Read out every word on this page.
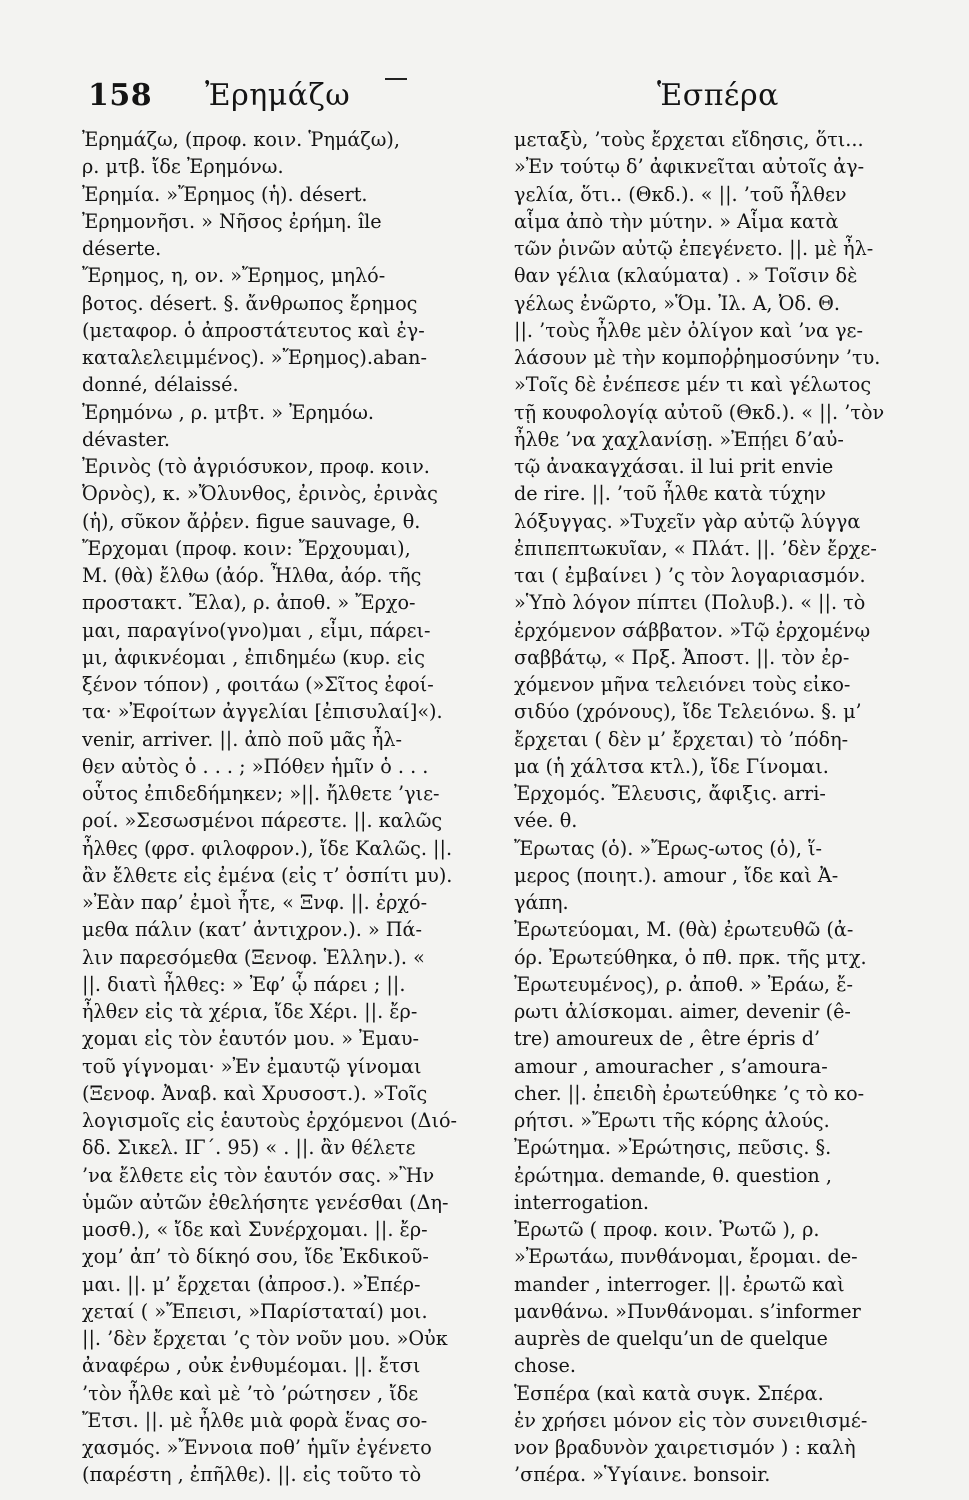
158 Ἐρημάζω	Ἑσπέρα
Ἐρημάζω, (προφ. κοιν. Ῥημάζω),
ρ. μτβ. ἴδε Ἐρημόνω.
Ἐρημία. »Ἔρημος (ἡ). désert.
Ἐρημονῆσι. » Νῆσος ἐρήμη. île
déserte.
Ἔρημος, η, ον. »Ἔρημος, μηλό-
βοτος. désert. §. ἄνθρωπος ἔρημος
(μεταφορ. ὁ ἀπροστάτευτος καὶ ἐγ-
καταλελειμμένος). »Ἔρημος).aban-
donné, délaissé.
Ἐρημόνω , ρ. μτβτ. » Ἐρημόω.
dévaster.
Ἐρινὸς (τὸ ἀγριόσυκον, προφ. κοιν.
Ὀρνὸς), κ. »Ὄλυνθος, ἐρινὸς, ἐρινὰς
(ἡ), σῦκον ἄῤῥεν. figue sauvage, θ.
Ἔρχομαι (προφ. κοιν: Ἔρχουμαι),
Μ. (θὰ) ἔλθω (ἀόρ. Ἦλθα, ἀόρ. τῆς
προστακτ. Ἔλα), ρ. ἀποθ. » Ἔρχο-
μαι, παραγίνο(γνο)μαι , εἶμι, πάρει-
μι, ἀφικνέομαι , ἐπιδημέω (κυρ. εἰς
ξένον τόπον) , φοιτάω (»Σῖτος ἐφοί-
τα· »Ἐφοίτων ἀγγελίαι [ἐπισυλαί]«).
venir, arriver. ||. ἀπὸ ποῦ μᾶς ἦλ-
θεν αὐτὸς ὁ . . . ; »Πόθεν ἡμῖν ὁ . . .
οὗτος ἐπιδεδήμηκεν; »||. ἤλθετε ’γιε-
ροί. »Σεσωσμένοι πάρεστε. ||. καλῶς
ἦλθες (φρσ. φιλοφρον.), ἴδε Καλῶς. ||.
ἂν ἔλθετε εἰς ἐμένα (εἰς τ’ ὁσπίτι μυ).
»Ἐὰν παρ’ ἐμοὶ ἦτε, « Ξνφ. ||. ἐρχό-
μεθα πάλιν (κατ’ ἀντιχρον.). » Πά-
λιν παρεσόμεθα (Ξενοφ. Ἑλλην.). «
||. διατὶ ἦλθες: » Ἐφ’ ᾧ πάρει ; ||.
ἦλθεν εἰς τὰ χέρια, ἴδε Χέρι. ||. ἔρ-
χομαι εἰς τὸν ἑαυτόν μου. » Ἐμαυ-
τοῦ γίγνομαι· »Ἐν ἐμαυτῷ γίνομαι
(Ξενοφ. Ἀναβ. καὶ Χρυσοστ.). »Τοῖς
λογισμοῖς εἰς ἑαυτοὺς ἐρχόμενοι (Διό-
δδ. Σικελ. ΙΓ΄. 95) « . ||. ἂν θέλετε
’να ἔλθετε εἰς τὸν ἑαυτόν σας. »Ἢν
ὑμῶν αὐτῶν ἐθελήσητε γενέσθαι (Δη-
μοσθ.), « ἴδε καὶ Συνέρχομαι. ||. ἔρ-
χομ’ ἀπ’ τὸ δίκηό σου, ἴδε Ἐκδικοῦ-
μαι. ||. μ’ ἔρχεται (ἀπροσ.). »Ἐπέρ-
χεταί ( »Ἔπεισι, »Παρίσταταί) μοι.
||. ’δὲν ἔρχεται ’ς τὸν νοῦν μου. »Οὐκ
ἀναφέρω , οὐκ ἐνθυμέομαι. ||. ἔτσι
’τὸν ἦλθε καὶ μὲ ’τὸ ’ρώτησεν , ἴδε
Ἔτσι. ||. μὲ ἦλθε μιὰ φορὰ ἕνας σο-
χασμός. »Ἔννοια ποθ’ ἡμῖν ἐγένετο
(παρέστη , ἐπῆλθε). ||. εἰς τοῦτο τὸ
μεταξὺ, ’τοὺς ἔρχεται εἴδησις, ὅτι...
»Ἐν τούτῳ δ’ ἀφικνεῖται αὐτοῖς ἀγ-
γελία, ὅτι.. (Θκδ.). « ||. ’τοῦ ἦλθεν
αἷμα ἀπὸ τὴν μύτην. » Αἷμα κατὰ
τῶν ῥινῶν αὐτῷ ἐπεγένετο. ||. μὲ ἦλ-
θαν γέλια (κλαύματα) . » Τοῖσιν δὲ
γέλως ἐνῶρτο, »Ὅμ. Ἰλ. Α, Ὀδ. Θ.
||. ’τοὺς ἦλθε μὲν ὀλίγον καὶ ’να γε-
λάσουν μὲ τὴν κομποῤῥημοσύνην ’τυ.
»Τοῖς δὲ ἐνέπεσε μέν τι καὶ γέλωτος
τῇ κουφολογίᾳ αὐτοῦ (Θκδ.). « ||. ’τὸν
ἦλθε ’να χαχλανίσῃ. »Ἐπῄει δ’αὐ-
τῷ ἀνακαγχάσαι. il lui prit envie
de rire. ||. ’τοῦ ἦλθε κατὰ τύχην
λόξυγγας. »Τυχεῖν γὰρ αὐτῷ λύγγα
ἐπιπεπτωκυῖαν, « Πλάτ. ||. ’δὲν ἔρχε-
ται ( ἐμβαίνει ) ’ς τὸν λογαριασμόν.
»Ὑπὸ λόγον πίπτει (Πολυβ.). « ||. τὸ
ἐρχόμενον σάββατον. »Τῷ ἐρχομένῳ
σαββάτῳ, « Πρξ. Ἀποστ. ||. τὸν ἐρ-
χόμενον μῆνα τελειόνει τοὺς εἰκο-
σιδύο (χρόνους), ἴδε Τελειόνω. §. μ’
ἔρχεται ( δὲν μ’ ἔρχεται) τὸ ’πόδη-
μα (ἡ χάλτσα κτλ.), ἴδε Γίνομαι.
Ἐρχομός. Ἔλευσις, ἄφιξις. arri-
vée. θ.
Ἔρωτας (ὁ). »Ἔρως-ωτος (ὁ), ἵ-
μερος (ποιητ.). amour , ἴδε καὶ Ἀ-
γάπη.
Ἐρωτεύομαι, Μ. (θὰ) ἐρωτευθῶ (ἀ-
όρ. Ἐρωτεύθηκα, ὁ πθ. πρκ. τῆς μτχ.
Ἐρωτευμένος), ρ. ἀποθ. » Ἐράω, ἔ-
ρωτι ἁλίσκομαι. aimer, devenir (ê-
tre) amoureux de , être épris d’
amour , amouracher , s’amoura-
cher. ||. ἐπειδὴ ἐρωτεύθηκε ’ς τὸ κο-
ρήτσι. »Ἔρωτι τῆς κόρης ἁλούς.
Ἐρώτημα. »Ἐρώτησις, πεῦσις. §.
ἐρώτημα. demande, θ. question ,
interrogation.
Ἐρωτῶ ( προφ. κοιν. Ῥωτῶ ), ρ.
»Ἐρωτάω, πυνθάνομαι, ἔρομαι. de-
mander , interroger. ||. ἐρωτῶ καὶ
μανθάνω. »Πυνθάνομαι. s’informer
auprès de quelqu’un de quelque
chose.
Ἑσπέρα (καὶ κατὰ συγκ. Σπέρα.
ἐν χρήσει μόνον εἰς τὸν συνειθισμέ-
νον βραδυνὸν χαιρετισμόν ) : καλὴ
’σπέρα. »Ὑγίαινε. bonsoir.
